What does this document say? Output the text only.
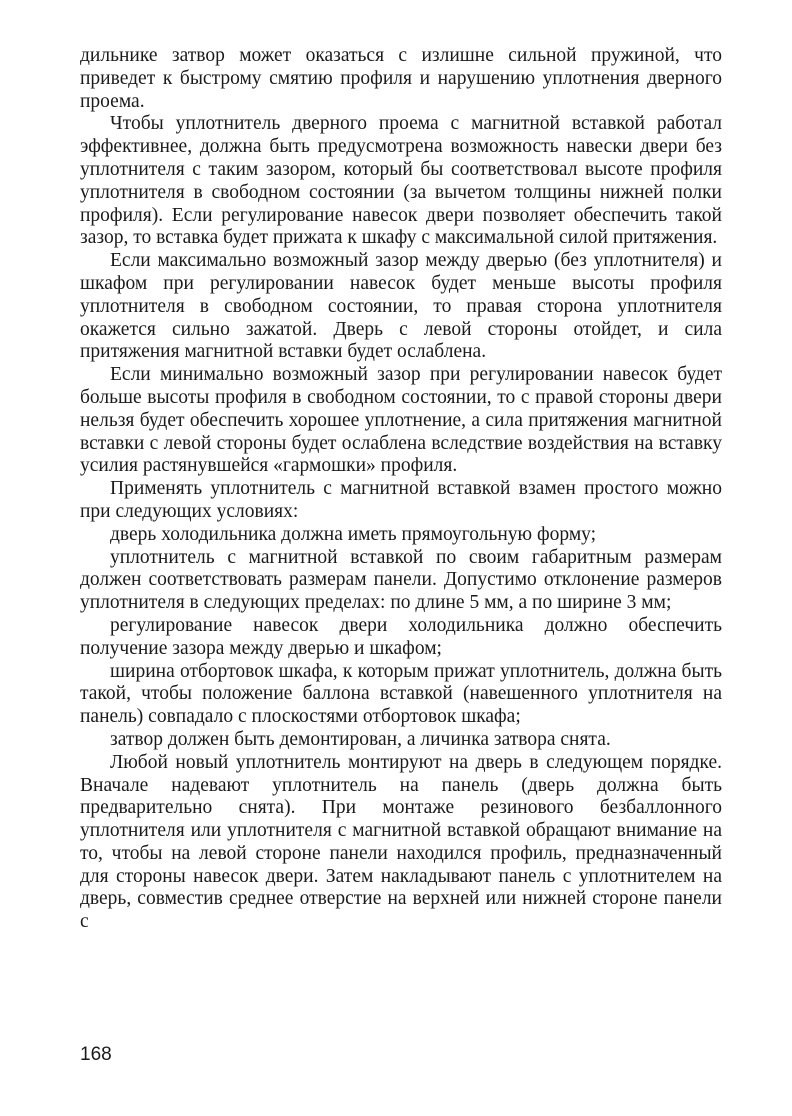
дильнике затвор может оказаться с излишне сильной пружиной, что приведет к быстрому смятию профиля и нарушению уплотнения дверного проема.

Чтобы уплотнитель дверного проема с магнитной вставкой работал эффективнее, должна быть предусмотрена возможность навески двери без уплотнителя с таким зазором, который бы соответствовал высоте профиля уплотнителя в свободном состоянии (за вычетом толщины нижней полки профиля). Если регулирование навесок двери позволяет обеспечить такой зазор, то вставка будет прижата к шкафу с максимальной силой притяжения.

Если максимально возможный зазор между дверью (без уплотнителя) и шкафом при регулировании навесок будет меньше высоты профиля уплотнителя в свободном состоянии, то правая сторона уплотнителя окажется сильно зажатой. Дверь с левой стороны отойдет, и сила притяжения магнитной вставки будет ослаблена.

Если минимально возможный зазор при регулировании навесок будет больше высоты профиля в свободном состоянии, то с правой стороны двери нельзя будет обеспечить хорошее уплотнение, а сила притяжения магнитной вставки с левой стороны будет ослаблена вследствие воздействия на вставку усилия растянувшейся «гармошки» профиля.

Применять уплотнитель с магнитной вставкой взамен простого можно при следующих условиях:

дверь холодильника должна иметь прямоугольную форму;

уплотнитель с магнитной вставкой по своим габаритным размерам должен соответствовать размерам панели. Допустимо отклонение размеров уплотнителя в следующих пределах: по длине 5 мм, а по ширине 3 мм;

регулирование навесок двери холодильника должно обеспечить получение зазора между дверью и шкафом;

ширина отбортовок шкафа, к которым прижат уплотнитель, должна быть такой, чтобы положение баллона вставкой (навешенного уплотнителя на панель) совпадало с плоскостями отбортовок шкафа;

затвор должен быть демонтирован, а личинка затвора снята.

Любой новый уплотнитель монтируют на дверь в следующем порядке. Вначале надевают уплотнитель на панель (дверь должна быть предварительно снята). При монтаже резинового безбаллонного уплотнителя или уплотнителя с магнитной вставкой обращают внимание на то, чтобы на левой стороне панели находился профиль, предназначенный для стороны навесок двери. Затем накладывают панель с уплотнителем на дверь, совместив среднее отверстие на верхней или нижней стороне панели с

168
